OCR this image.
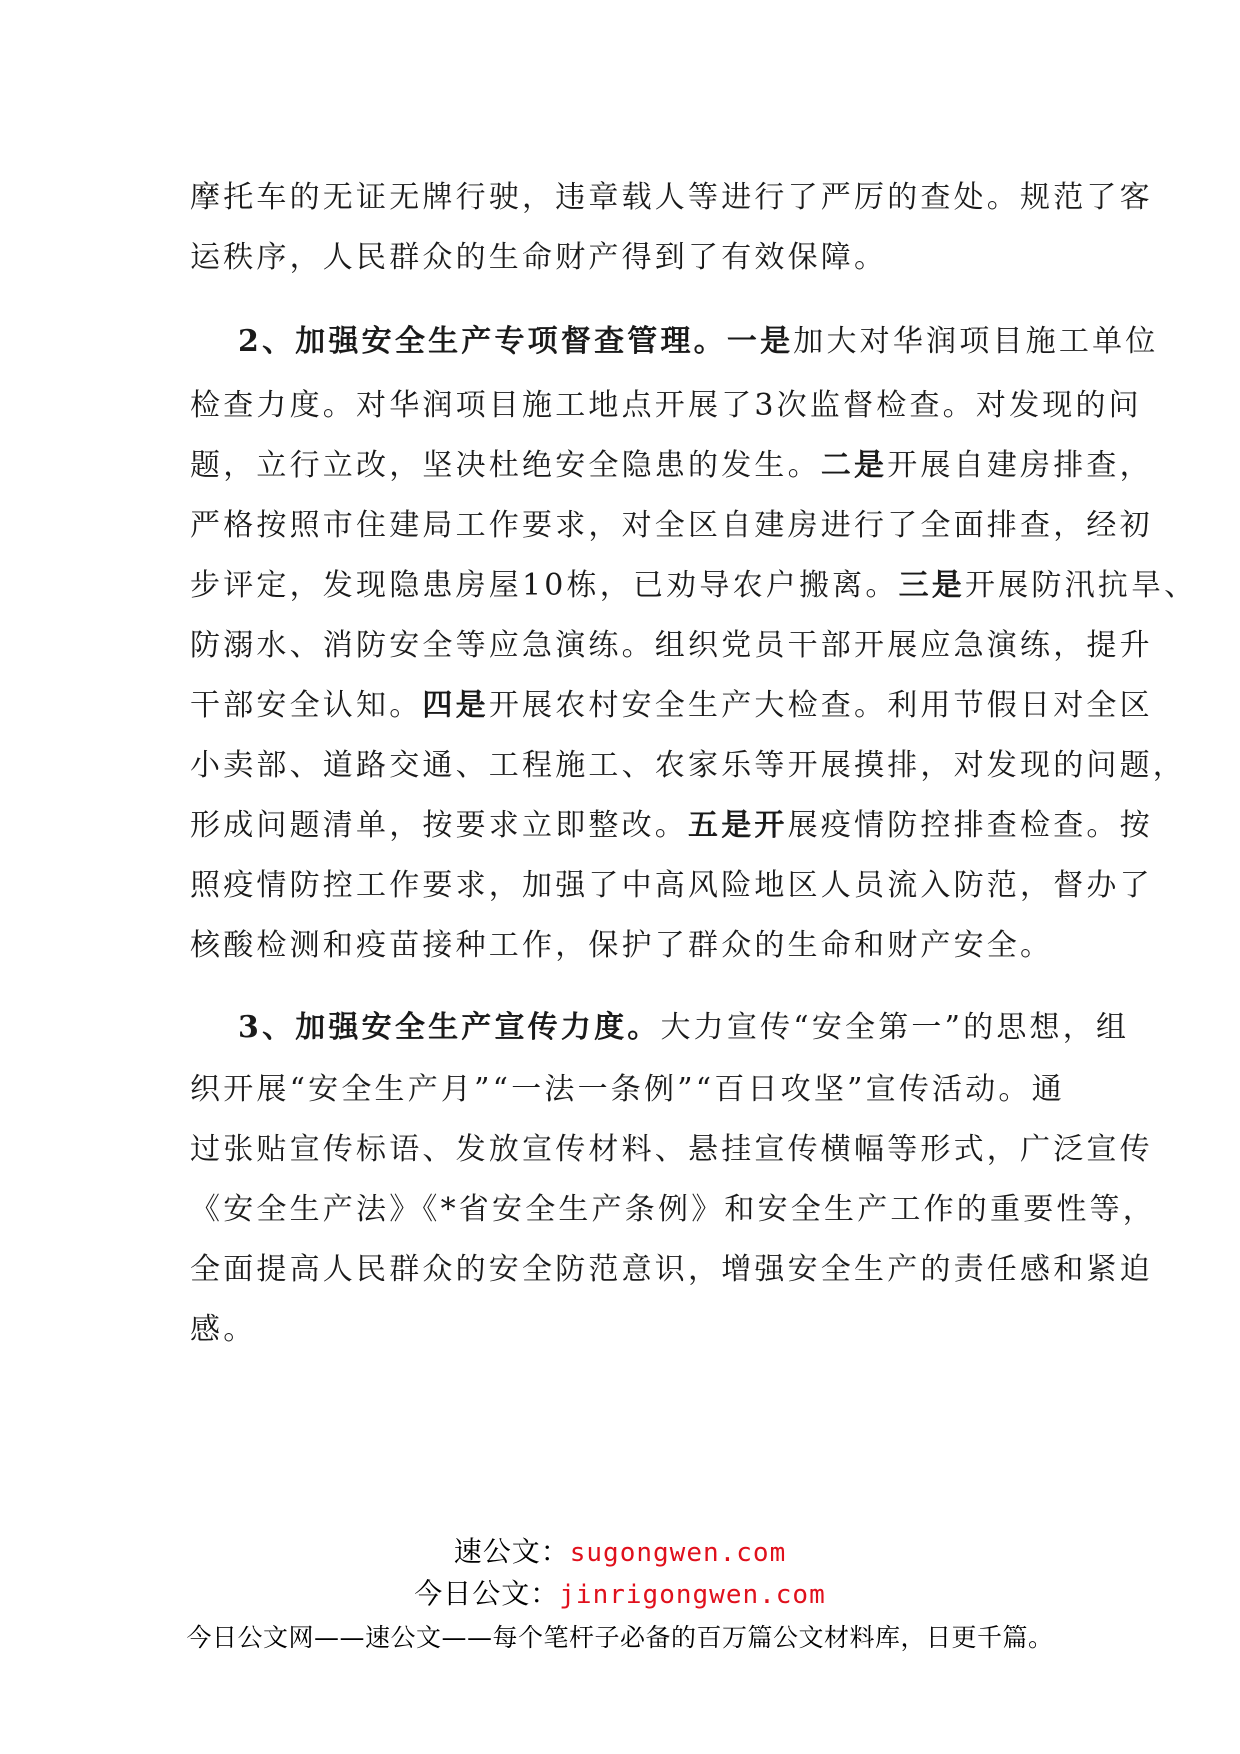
摩托车的无证无牌行驶，违章载人等进行了严厉的查处。规范了客
运秩序，人民群众的生命财产得到了有效保障。
2、加强安全生产专项督查管理。一是加大对华润项目施工单位
检查力度。对华润项目施工地点开展了3次监督检查。对发现的问
题，立行立改，坚决杜绝安全隐患的发生。二是开展自建房排查，
严格按照市住建局工作要求，对全区自建房进行了全面排查，经初
步评定，发现隐患房屋10栋，已劝导农户搬离。三是开展防汛抗旱、
防溺水、消防安全等应急演练。组织党员干部开展应急演练，提升
干部安全认知。四是开展农村安全生产大检查。利用节假日对全区
小卖部、道路交通、工程施工、农家乐等开展摸排，对发现的问题，
形成问题清单，按要求立即整改。五是开展疫情防控排查检查。按
照疫情防控工作要求，加强了中高风险地区人员流入防范，督办了
核酸检测和疫苗接种工作，保护了群众的生命和财产安全。
3、加强安全生产宣传力度。大力宣传“安全第一”的思想，组
织开展“安全生产月”“一法一条例”“百日攻坚”宣传活动。通
过张贴宣传标语、发放宣传材料、悬挂宣传横幅等形式，广泛宣传
《安全生产法》《*省安全生产条例》和安全生产工作的重要性等，
全面提高人民群众的安全防范意识，增强安全生产的责任感和紧迫
感。
速公文：sugongwen.com
今日公文：jinrigongwen.com
今日公文网——速公文——每个笔杆子必备的百万篇公文材料库，日更千篇。
